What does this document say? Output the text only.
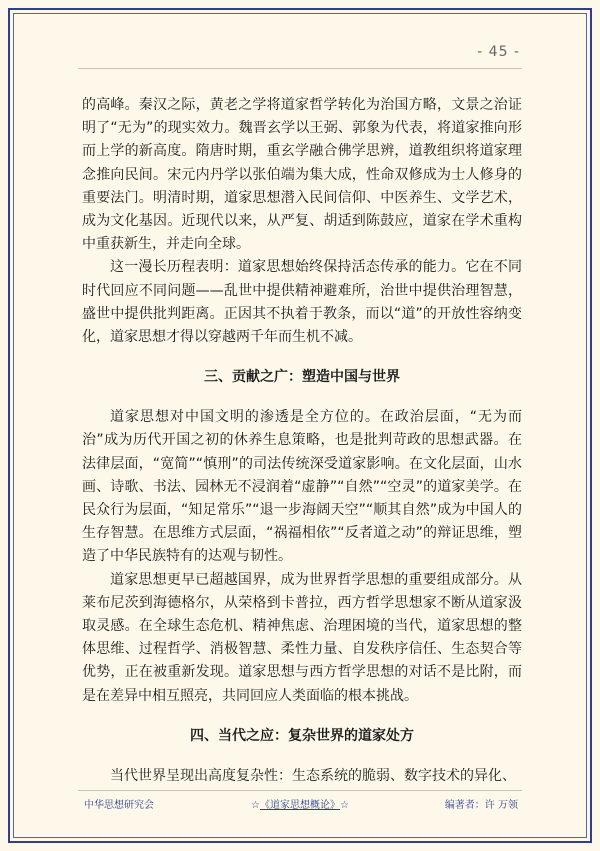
- 45 -

的高峰。秦汉之际，黄老之学将道家哲学转化为治国方略，文景之治证明了“无为”的现实效力。魏晋玄学以王弼、郭象为代表，将道家推向形而上学的新高度。隋唐时期，重玄学融合佛学思辨，道教组织将道家理念推向民间。宋元内丹学以张伯端为集大成，性命双修成为士人修身的重要法门。明清时期，道家思想潜入民间信仰、中医养生、文学艺术，成为文化基因。近现代以来，从严复、胡适到陈鼓应，道家在学术重构中重获新生，并走向全球。

这一漫长历程表明：道家思想始终保持活态传承的能力。它在不同时代回应不同问题——乱世中提供精神避难所，治世中提供治理智慧，盛世中提供批判距离。正因其不执着于教条，而以“道”的开放性容纳变化，道家思想才得以穿越两千年而生机不减。

三、贡献之广：塑造中国与世界

道家思想对中国文明的渗透是全方位的。在政治层面，“无为而治”成为历代开国之初的休养生息策略，也是批判苛政的思想武器。在法律层面，“宽简”“慎刑”的司法传统深受道家影响。在文化层面，山水画、诗歌、书法、园林无不浸润着“虚静”“自然”“空灵”的道家美学。在民众行为层面，“知足常乐”“退一步海阔天空”“顺其自然”成为中国人的生存智慧。在思维方式层面，“祸福相依”“反者道之动”的辩证思维，塑造了中华民族特有的达观与韧性。

道家思想更早已超越国界，成为世界哲学思想的重要组成部分。从莱布尼茨到海德格尔，从荣格到卡普拉，西方哲学思想家不断从道家汲取灵感。在全球生态危机、精神焦虑、治理困境的当代，道家思想的整体思维、过程哲学、消极智慧、柔性力量、自发秩序信任、生态契合等优势，正在被重新发现。道家思想与西方哲学思想的对话不是比附，而是在差异中相互照亮，共同回应人类面临的根本挑战。

四、当代之应：复杂世界的道家处方

当代世界呈现出高度复杂性：生态系统的脆弱、数字技术的异化、

中华思想研究会	☆《道家思想概论》☆	编著者：许 万领
